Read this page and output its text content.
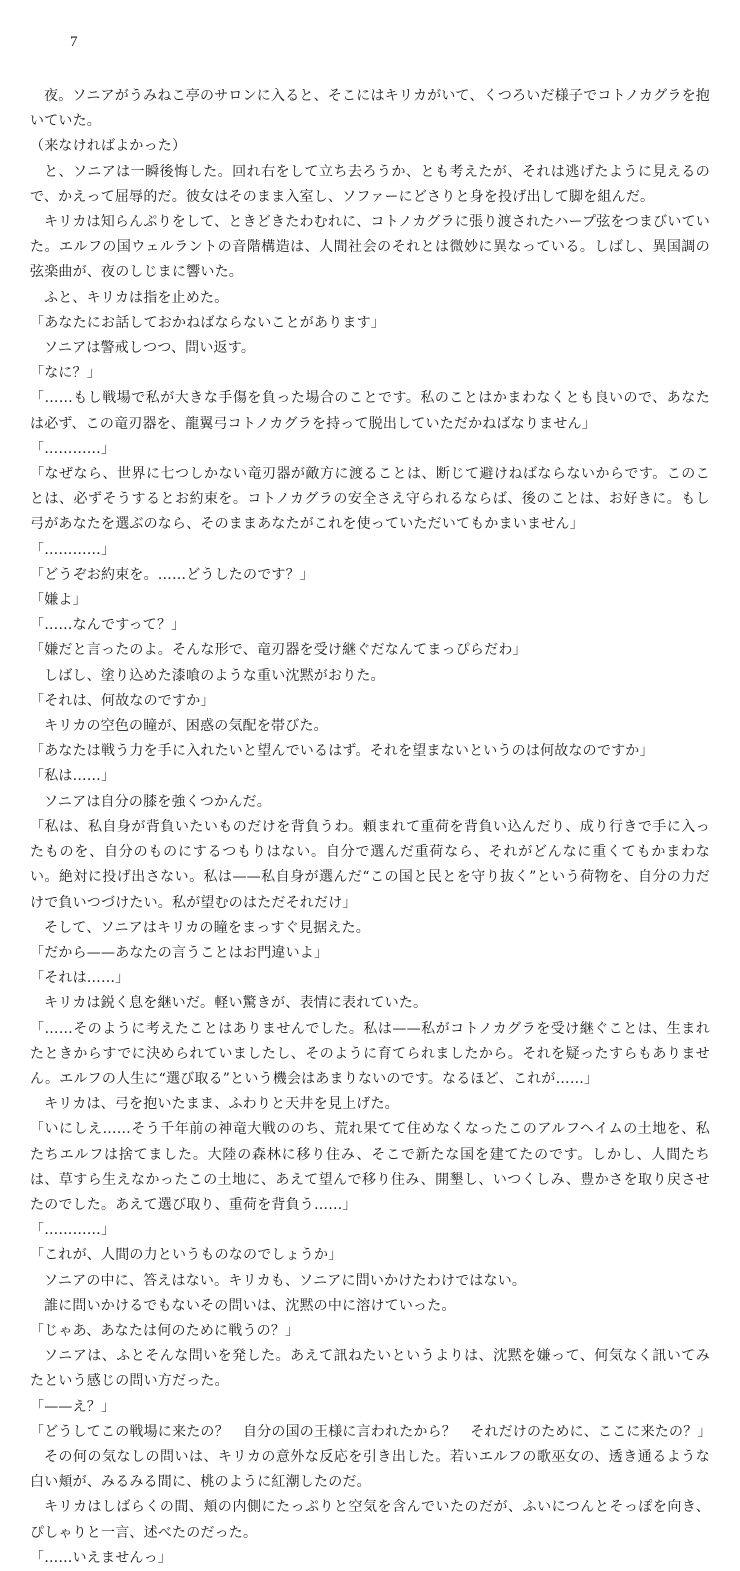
7

夜。ソニアがうみねこ亭のサロンに入ると、そこにはキリカがいて、くつろいだ様子でコトノカグラを抱いていた。

（来なければよかった）

と、ソニアは一瞬後悔した。回れ右をして立ち去ろうか、とも考えたが、それは逃げたように見えるので、かえって屈辱的だ。彼女はそのまま入室し、ソファーにどさりと身を投げ出して脚を組んだ。

キリカは知らんぷりをして、ときどきたわむれに、コトノカグラに張り渡されたハープ弦をつまびいていた。エルフの国ウェルラントの音階構造は、人間社会のそれとは微妙に異なっている。しばし、異国調の弦楽曲が、夜のしじまに響いた。

ふと、キリカは指を止めた。

「あなたにお話しておかねばならないことがあります」

ソニアは警戒しつつ、問い返す。

「なに？」

「……もし戦場で私が大きな手傷を負った場合のことです。私のことはかまわなくとも良いので、あなたは必ず、この竜刃器を、龍翼弓コトノカグラを持って脱出していただかねばなりません」

「…………」

「なぜなら、世界に七つしかない竜刃器が敵方に渡ることは、断じて避けねばならないからです。このことは、必ずそうするとお約束を。コトノカグラの安全さえ守られるならば、後のことは、お好きに。もし弓があなたを選ぶのなら、そのままあなたがこれを使っていただいてもかまいません」

「…………」

「どうぞお約束を。……どうしたのです？」

「嫌よ」

「……なんですって？」

「嫌だと言ったのよ。そんな形で、竜刃器を受け継ぐだなんてまっぴらだわ」

しばし、塗り込めた漆喰のような重い沈黙がおりた。

「それは、何故なのですか」

キリカの空色の瞳が、困惑の気配を帯びた。

「あなたは戦う力を手に入れたいと望んでいるはず。それを望まないというのは何故なのですか」

「私は……」

ソニアは自分の膝を強くつかんだ。

「私は、私自身が背負いたいものだけを背負うわ。頼まれて重荷を背負い込んだり、成り行きで手に入ったものを、自分のものにするつもりはない。自分で選んだ重荷なら、それがどんなに重くてもかまわない。絶対に投げ出さない。私は——私自身が選んだ“この国と民とを守り抜く”という荷物を、自分の力だけで負いつづけたい。私が望むのはただそれだけ」

そして、ソニアはキリカの瞳をまっすぐ見据えた。

「だから——あなたの言うことはお門違いよ」

「それは……」

キリカは鋭く息を継いだ。軽い驚きが、表情に表れていた。

「……そのように考えたことはありませんでした。私は——私がコトノカグラを受け継ぐことは、生まれたときからすでに決められていましたし、そのように育てられましたから。それを疑ったすらもありません。エルフの人生に“選び取る”という機会はあまりないのです。なるほど、これが……」

キリカは、弓を抱いたまま、ふわりと天井を見上げた。

「いにしえ……そう千年前の神竜大戦ののち、荒れ果てて住めなくなったこのアルフヘイムの土地を、私たちエルフは捨てました。大陸の森林に移り住み、そこで新たな国を建てたのです。しかし、人間たちは、草すら生えなかったこの土地に、あえて望んで移り住み、開墾し、いつくしみ、豊かさを取り戻させたのでした。あえて選び取り、重荷を背負う……」

「…………」

「これが、人間の力というものなのでしょうか」

ソニアの中に、答えはない。キリカも、ソニアに問いかけたわけではない。

誰に問いかけるでもないその問いは、沈黙の中に溶けていった。

「じゃあ、あなたは何のために戦うの？」

ソニアは、ふとそんな問いを発した。あえて訊ねたいというよりは、沈黙を嫌って、何気なく訊いてみたという感じの問い方だった。

「——え？」

「どうしてこの戦場に来たの？　自分の国の王様に言われたから？　それだけのために、ここに来たの？」

その何の気なしの問いは、キリカの意外な反応を引き出した。若いエルフの歌巫女の、透き通るような白い頬が、みるみる間に、桃のように紅潮したのだ。

キリカはしばらくの間、頬の内側にたっぷりと空気を含んでいたのだが、ふいにつんとそっぽを向き、ぴしゃりと一言、述べたのだった。

「……いえませんっ」
